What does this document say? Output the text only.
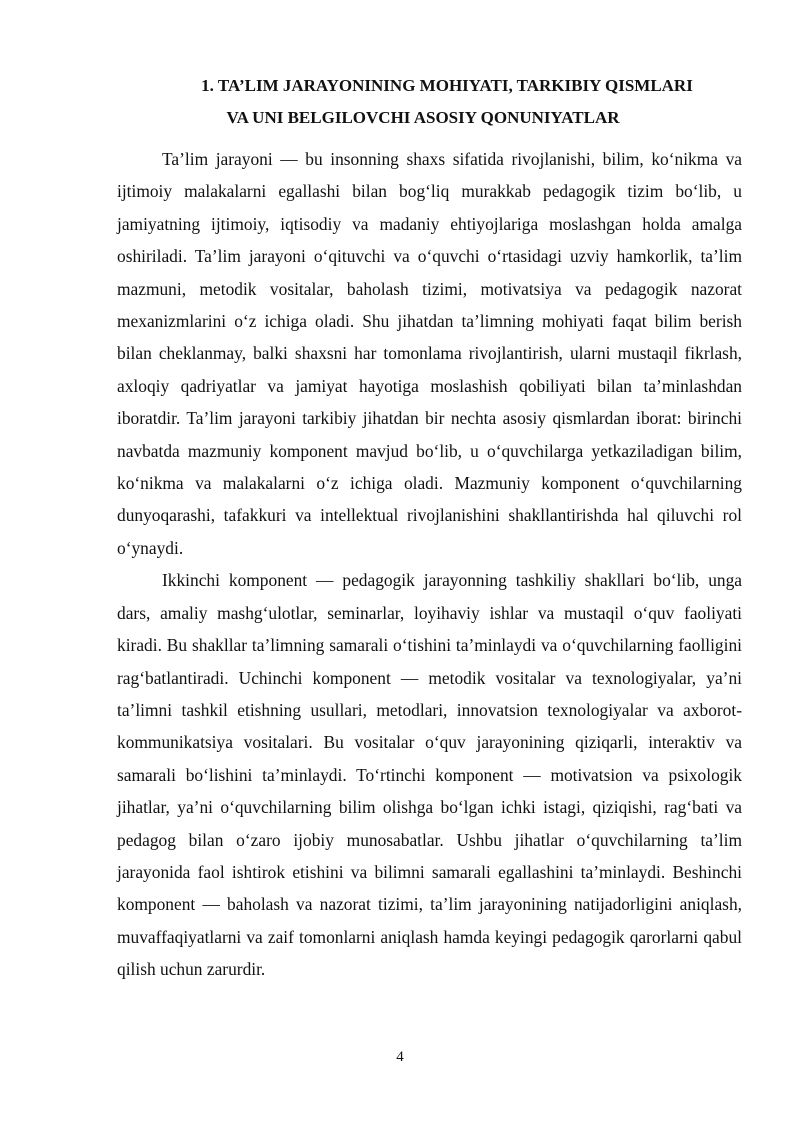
1. TA’LIM JARAYONINING MOHIYATI, TARKIBIY QISMLARI
VA UNI BELGILOVCHI ASOSIY QONUNIYATLAR

Ta’lim jarayoni — bu insonning shaxs sifatida rivojlanishi, bilim, ko‘nikma va ijtimoiy malakalarni egallashi bilan bog‘liq murakkab pedagogik tizim bo‘lib, u jamiyatning ijtimoiy, iqtisodiy va madaniy ehtiyojlariga moslashgan holda amalga oshiriladi. Ta’lim jarayoni o‘qituvchi va o‘quvchi o‘rtasidagi uzviy hamkorlik, ta’lim mazmuni, metodik vositalar, baholash tizimi, motivatsiya va pedagogik nazorat mexanizmlarini o‘z ichiga oladi. Shu jihatdan ta’limning mohiyati faqat bilim berish bilan cheklanmay, balki shaxsni har tomonlama rivojlantirish, ularni mustaqil fikrlash, axloqiy qadriyatlar va jamiyat hayotiga moslashish qobiliyati bilan ta’minlashdan iboratdir. Ta’lim jarayoni tarkibiy jihatdan bir nechta asosiy qismlardan iborat: birinchi navbatda mazmuniy komponent mavjud bo‘lib, u o‘quvchilarga yetkaziladigan bilim, ko‘nikma va malakalarni o‘z ichiga oladi. Mazmuniy komponent o‘quvchilarning dunyoqarashi, tafakkuri va intellektual rivojlanishini shakllantirishda hal qiluvchi rol o‘ynaydi.

Ikkinchi komponent — pedagogik jarayonning tashkiliy shakllari bo‘lib, unga dars, amaliy mashg‘ulotlar, seminarlar, loyihaviy ishlar va mustaqil o‘quv faoliyati kiradi. Bu shakllar ta’limning samarali o‘tishini ta’minlaydi va o‘quvchilarning faolligini rag‘batlantiradi. Uchinchi komponent — metodik vositalar va texnologiyalar, ya’ni ta’limni tashkil etishning usullari, metodlari, innovatsion texnologiyalar va axborot-kommunikatsiya vositalari. Bu vositalar o‘quv jarayonining qiziqarli, interaktiv va samarali bo‘lishini ta’minlaydi. To‘rtinchi komponent — motivatsion va psixologik jihatlar, ya’ni o‘quvchilarning bilim olishga bo‘lgan ichki istagi, qiziqishi, rag‘bati va pedagog bilan o‘zaro ijobiy munosabatlar. Ushbu jihatlar o‘quvchilarning ta’lim jarayonida faol ishtirok etishini va bilimni samarali egallashini ta’minlaydi. Beshinchi komponent — baholash va nazorat tizimi, ta’lim jarayonining natijadorligini aniqlash, muvaffaqiyatlarni va zaif tomonlarni aniqlash hamda keyingi pedagogik qarorlarni qabul qilish uchun zarurdir.

4
